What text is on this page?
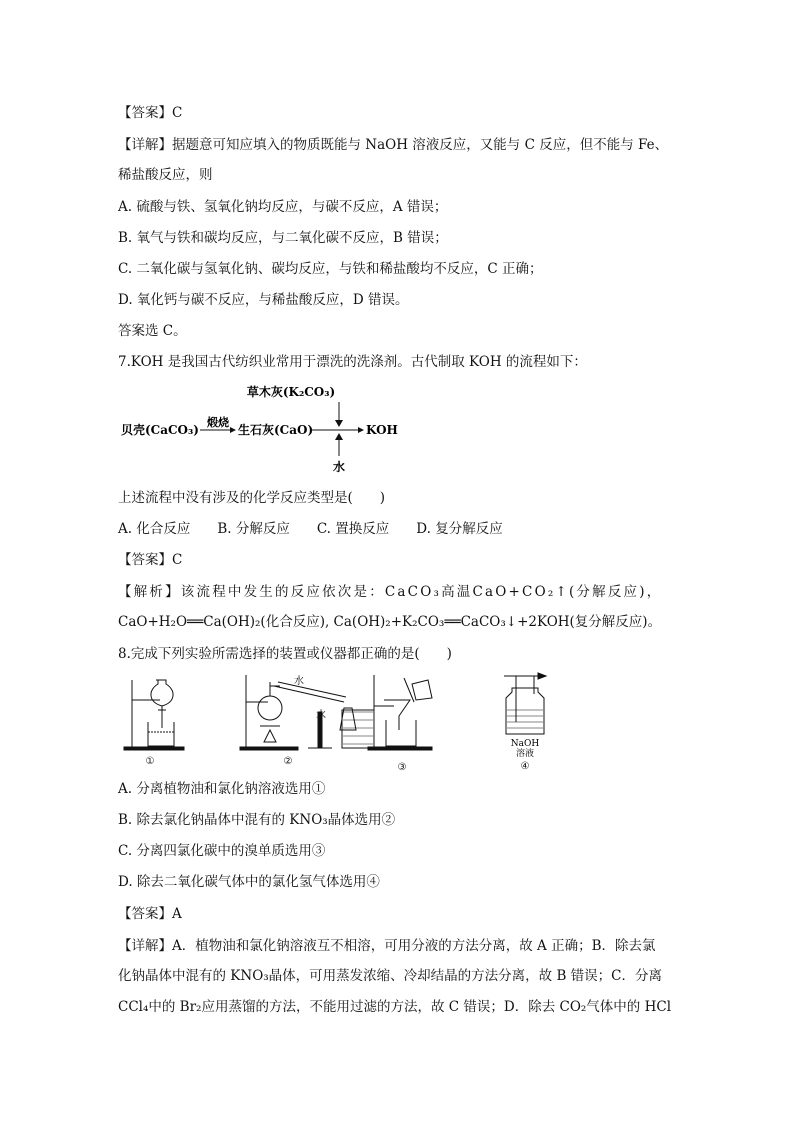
【答案】C
【详解】据题意可知应填入的物质既能与 NaOH 溶液反应，又能与 C 反应，但不能与 Fe、
稀盐酸反应，则
A. 硫酸与铁、氢氧化钠均反应，与碳不反应，A 错误；
B. 氧气与铁和碳均反应，与二氧化碳不反应，B 错误；
C. 二氧化碳与氢氧化钠、碳均反应，与铁和稀盐酸均不反应，C 正确；
D. 氧化钙与碳不反应，与稀盐酸反应，D 错误。
答案选 C。
7.KOH 是我国古代纺织业常用于漂洗的洗涤剂。古代制取 KOH 的流程如下：
草木灰(K₂CO₃)
贝壳(CaCO₃)
煅烧
生石灰(CaO)	KOH
水
上述流程中没有涉及的化学反应类型是(　　)
A. 化合反应　　B. 分解反应　　C. 置换反应　　D. 复分解反应
【答案】C
【解析】该流程中发生的反应依次是：CaCO₃高温CaO+CO₂↑(分解反应)，
CaO+H₂O══Ca(OH)₂(化合反应), Ca(OH)₂+K₂CO₃══CaCO₃↓+2KOH(复分解反应)。
8.完成下列实验所需选择的装置或仪器都正确的是(　　)
①
水
水
②
③
NaOH
溶液
④
A. 分离植物油和氯化钠溶液选用①
B. 除去氯化钠晶体中混有的 KNO₃晶体选用②
C. 分离四氯化碳中的溴单质选用③
D. 除去二氧化碳气体中的氯化氢气体选用④
【答案】A
【详解】A．植物油和氯化钠溶液互不相溶，可用分液的方法分离，故 A 正确；B．除去氯
化钠晶体中混有的 KNO₃晶体，可用蒸发浓缩、冷却结晶的方法分离，故 B 错误；C．分离
CCl₄中的 Br₂应用蒸馏的方法，不能用过滤的方法，故 C 错误；D．除去 CO₂气体中的 HCl
